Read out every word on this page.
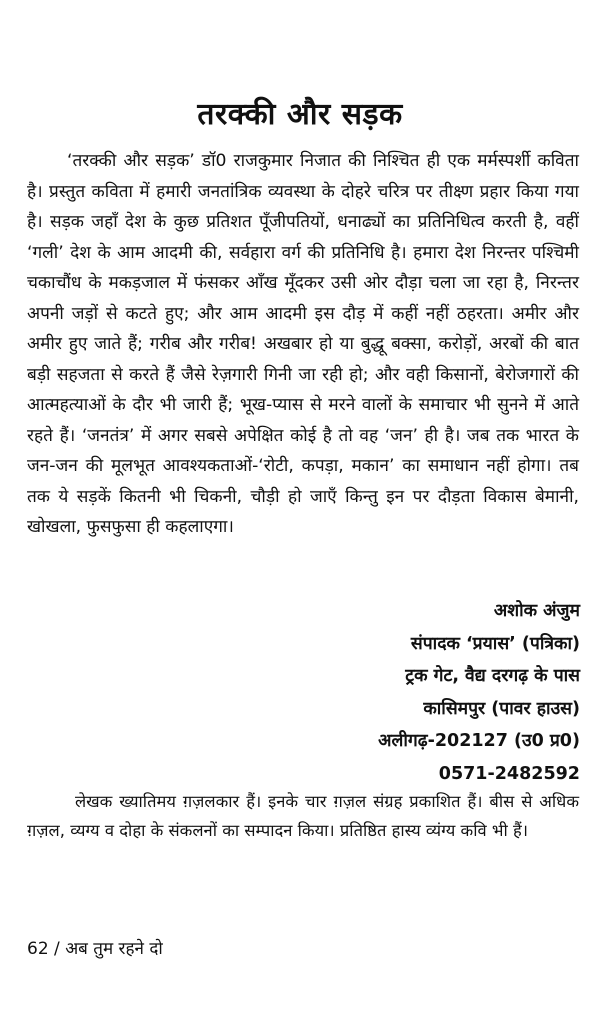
तरक्की और सड़क

‘तरक्की और सड़क’ डॉ0 राजकुमार निजात की निश्चित ही एक मर्मस्पर्शी कविता है। प्रस्तुत कविता में हमारी जनतांत्रिक व्यवस्था के दोहरे चरित्र पर तीक्ष्ण प्रहार किया गया है। सड़क जहाँ देश के कुछ प्रतिशत पूँजीपतियों, धनाढ्यों का प्रतिनिधित्व करती है, वहीं ‘गली’ देश के आम आदमी की, सर्वहारा वर्ग की प्रतिनिधि है। हमारा देश निरन्तर पश्चिमी चकाचौंध के मकड़जाल में फंसकर आँख मूँदकर उसी ओर दौड़ा चला जा रहा है, निरन्तर अपनी जड़ों से कटते हुए; और आम आदमी इस दौड़ में कहीं नहीं ठहरता। अमीर और अमीर हुए जाते हैं; गरीब और गरीब! अखबार हो या बुद्धू बक्सा, करोड़ों, अरबों की बात बड़ी सहजता से करते हैं जैसे रेज़गारी गिनी जा रही हो; और वही किसानों, बेरोजगारों की आत्महत्याओं के दौर भी जारी हैं; भूख-प्यास से मरने वालों के समाचार भी सुनने में आते रहते हैं। ‘जनतंत्र’ में अगर सबसे अपेक्षित कोई है तो वह ‘जन’ ही है। जब तक भारत के जन-जन की मूलभूत आवश्यकताओं-‘रोटी, कपड़ा, मकान’ का समाधान नहीं होगा। तब तक ये सड़कें कितनी भी चिकनी, चौड़ी हो जाएँ किन्तु इन पर दौड़ता विकास बेमानी, खोखला, फुसफुसा ही कहलाएगा।

अशोक अंजुम
संपादक ‘प्रयास’ (पत्रिका)
ट्रक गेट, वैद्य दरगढ़ के पास
कासिमपुर (पावर हाउस)
अलीगढ़-202127 (उ0 प्र0)
0571-2482592

लेखक ख्यातिमय ग़ज़लकार हैं। इनके चार ग़ज़ल संग्रह प्रकाशित हैं। बीस से अधिक ग़ज़ल, व्यग्य व दोहा के संकलनों का सम्पादन किया। प्रतिष्ठित हास्य व्यंग्य कवि भी हैं।

62 / अब तुम रहने दो
